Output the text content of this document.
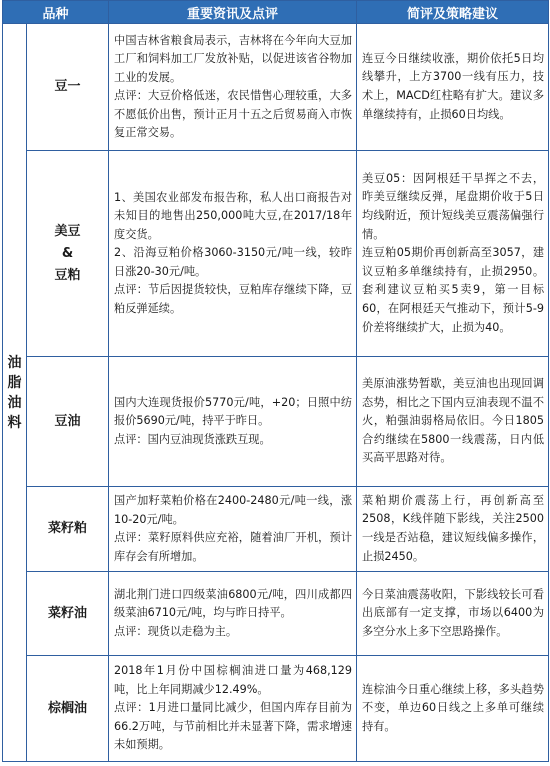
品种		重要资讯及点评	简评及策略建议
油脂油料	豆一	中国吉林省粮食局表示，吉林将在今年向大豆加工厂和饲料加工厂发放补贴，以促进该省谷物加工业的发展。
点评：大豆价格低迷，农民惜售心理较重，大多不愿低价出售，预计正月十五之后贸易商入市恢复正常交易。	连豆今日继续收涨，期价依托5日均线攀升，上方3700一线有压力，技术上，MACD红柱略有扩大。建议多单继续持有，止损60日均线。

	美豆
&
豆粕	1、美国农业部发布报告称，私人出口商报告对未知目的地售出250,000吨大豆,在2017/18年度交货。
2、沿海豆粕价格3060-3150元/吨一线，较昨日涨20-30元/吨。
点评：节后因提货较快，豆粕库存继续下降，豆粕反弹延续。	美豆05：因阿根廷干旱挥之不去，昨美豆继续反弹，尾盘期价收于5日均线附近，预计短线美豆震荡偏强行情。
连豆粕05期价再创新高至3057，建议豆粕多单继续持有，止损2950。套利建议豆粕买5卖9，第一目标60，在阿根廷天气推动下，预计5-9价差将继续扩大，止损为40。

	豆油	国内大连现货报价5770元/吨，+20；日照中纺报价5690元/吨，持平于昨日。
点评：国内豆油现货涨跌互现。	美原油涨势暂歇，美豆油也出现回调态势，相比之下国内豆油表现不温不火，粕强油弱格局依旧。今日1805合约继续在5800一线震荡，日内低买高平思路对待。

	菜籽粕	国产加籽菜粕价格在2400-2480元/吨一线，涨10-20元/吨。
点评：菜籽原料供应充裕，随着油厂开机，预计库存会有所增加。	菜粕期价震荡上行，再创新高至2508，K线伴随下影线，关注2500一线是否站稳，建议短线偏多操作，止损2450。

	菜籽油	湖北荆门进口四级菜油6800元/吨，四川成都四级菜油6710元/吨，均与昨日持平。
点评：现货以走稳为主。	今日菜油震荡收阳，下影线较长可看出底部有一定支撑，市场以6400为多空分水上多下空思路操作。

	棕榈油	2018年1月份中国棕榈油进口量为468,129吨，比上年同期减少12.49%。
点评：1月进口量同比减少，但国内库存目前为66.2万吨，与节前相比并未显著下降，需求增速未如预期。	连棕油今日重心继续上移，多头趋势不变，单边60日线之上多单可继续持有。
